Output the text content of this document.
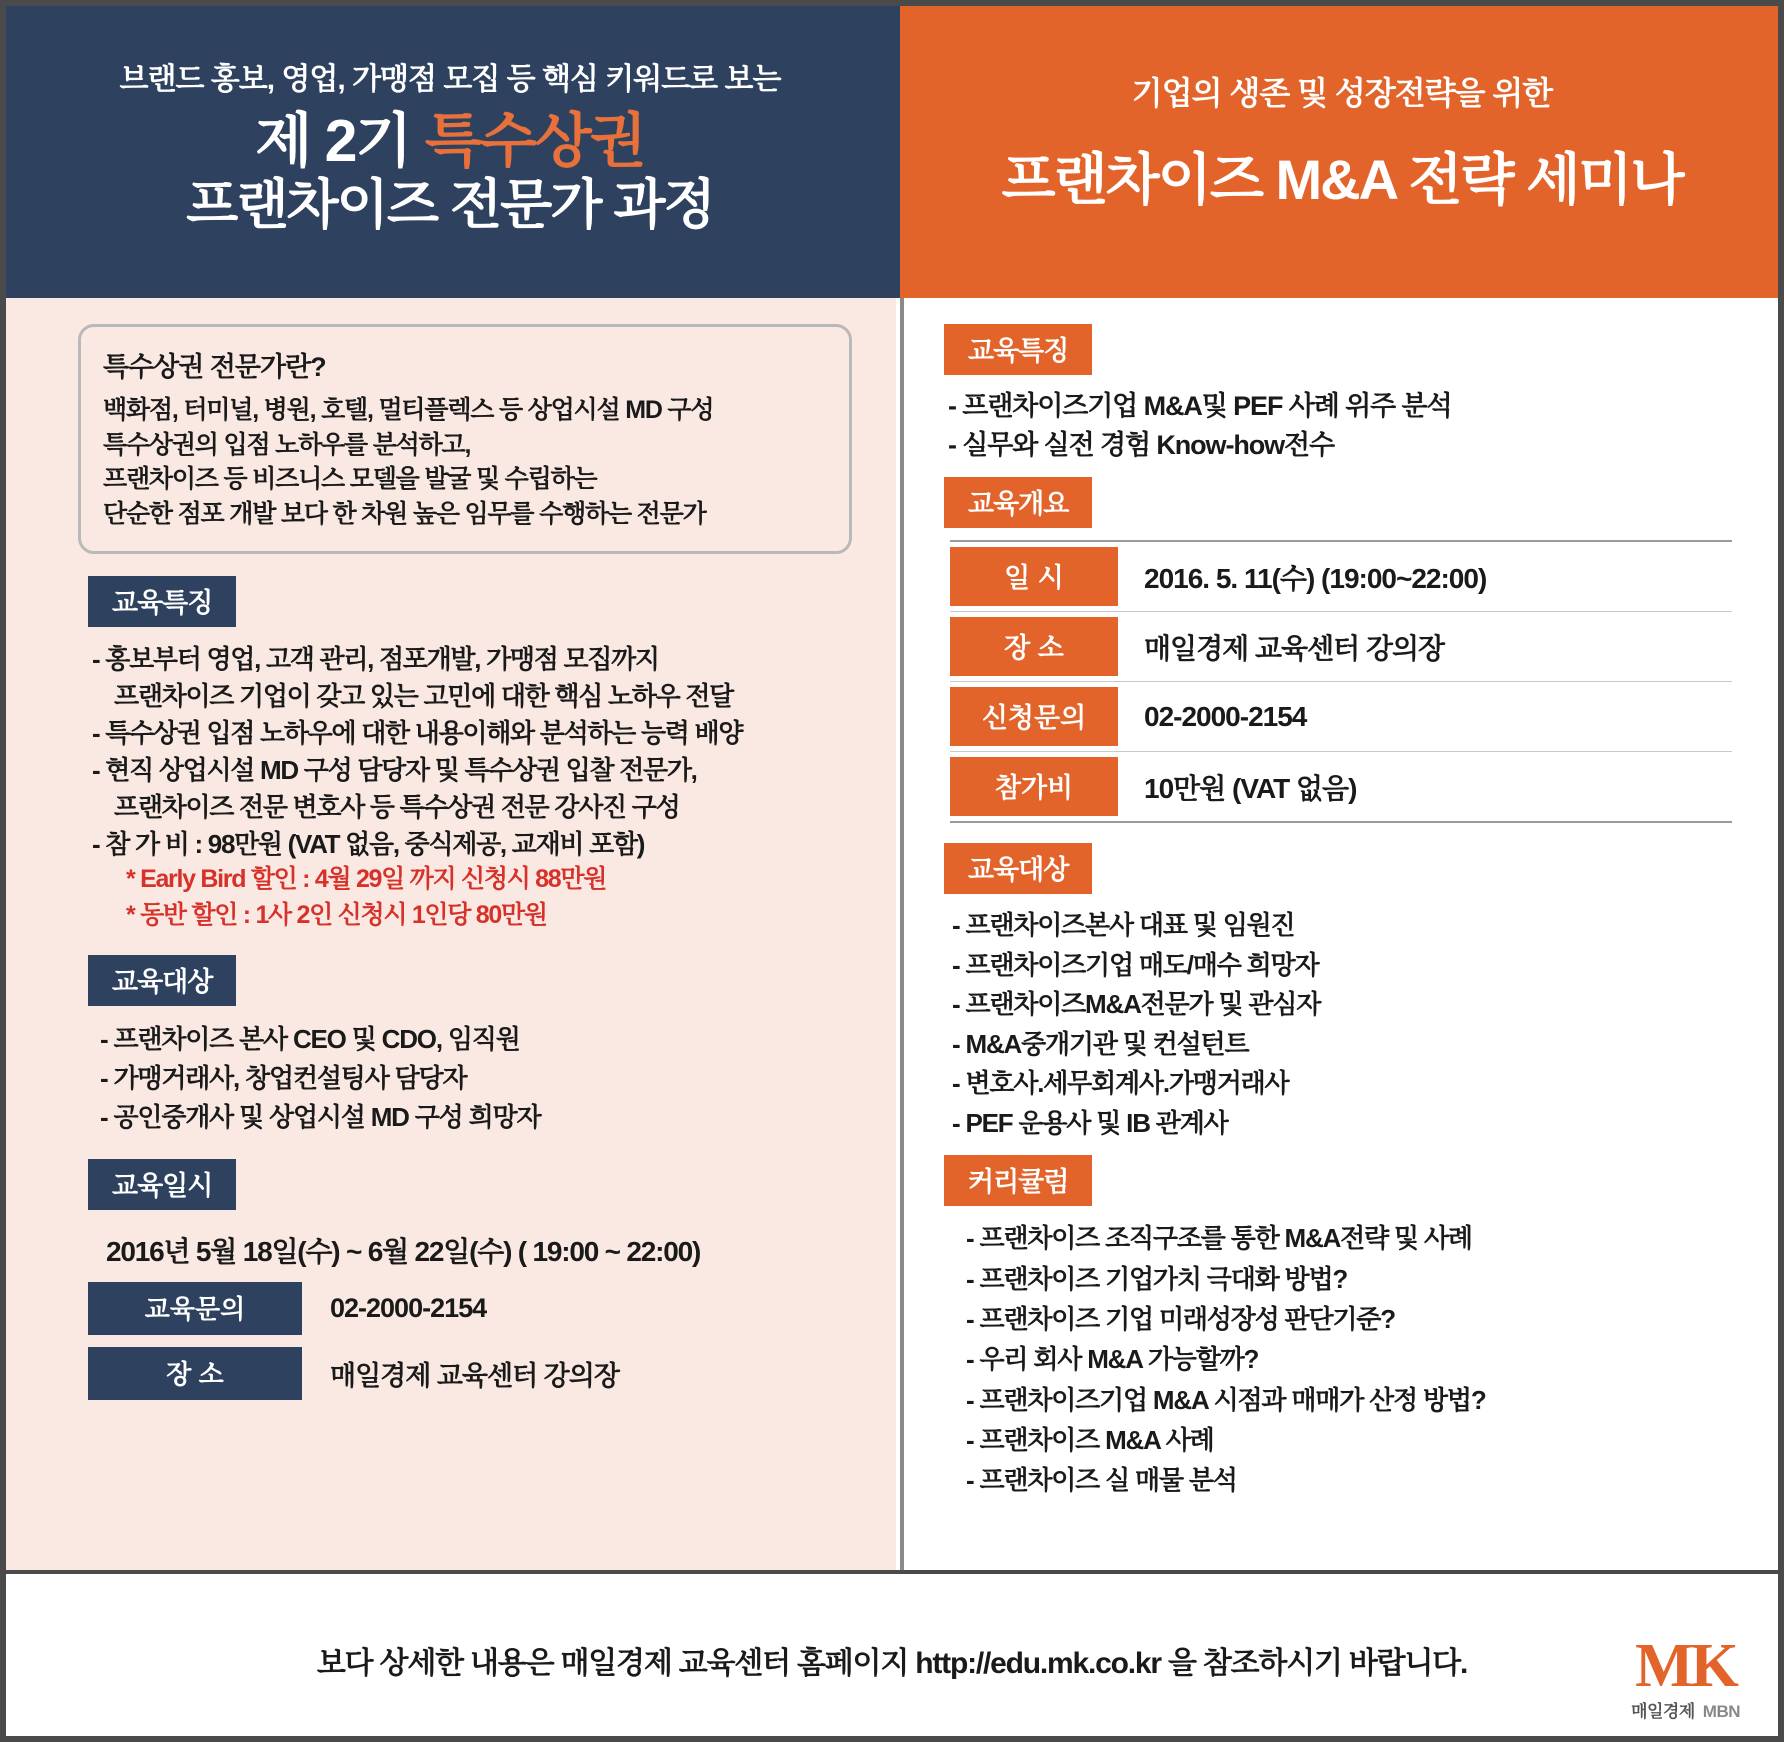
브랜드 홍보, 영업, 가맹점 모집 등 핵심 키워드로 보는
제 2기 특수상권
프랜차이즈 전문가 과정
기업의 생존 및 성장전략을 위한
프랜차이즈 M&A 전략 세미나
특수상권 전문가란?
백화점, 터미널, 병원, 호텔, 멀티플렉스 등 상업시설 MD 구성
특수상권의 입점 노하우를 분석하고,
프랜차이즈 등 비즈니스 모델을 발굴 및 수립하는
단순한 점포 개발 보다 한 차원 높은 임무를 수행하는 전문가
교육특징
- 홍보부터 영업, 고객 관리, 점포개발, 가맹점 모집까지
프랜차이즈 기업이 갖고 있는 고민에 대한 핵심 노하우 전달
- 특수상권 입점 노하우에 대한 내용이해와 분석하는 능력 배양
- 현직 상업시설 MD 구성 담당자 및 특수상권 입찰 전문가,
프랜차이즈 전문 변호사 등 특수상권 전문 강사진 구성
- 참 가 비 : 98만원 (VAT 없음, 중식제공, 교재비 포함)
* Early Bird 할인 : 4월 29일 까지 신청시 88만원
* 동반 할인 : 1사 2인 신청시 1인당 80만원
교육대상
- 프랜차이즈 본사 CEO 및 CDO, 임직원
- 가맹거래사, 창업컨설팅사 담당자
- 공인중개사 및 상업시설 MD 구성 희망자
교육일시
2016년 5월 18일(수) ~ 6월 22일(수) ( 19:00 ~ 22:00)
교육문의	02-2000-2154
장 소	매일경제 교육센터 강의장
교육특징
- 프랜차이즈기업 M&A및 PEF 사례 위주 분석
- 실무와 실전 경험 Know-how전수
교육개요
일 시	2016. 5. 11(수) (19:00~22:00)
장 소	매일경제 교육센터 강의장
신청문의	02-2000-2154
참가비	10만원 (VAT 없음)
교육대상
- 프랜차이즈본사 대표 및 임원진
- 프랜차이즈기업 매도/매수 희망자
- 프랜차이즈M&A전문가 및 관심자
- M&A중개기관 및 컨설턴트
- 변호사.세무회계사.가맹거래사
- PEF 운용사 및 IB 관계사
커리큘럼
- 프랜차이즈 조직구조를 통한 M&A전략 및 사례
- 프랜차이즈 기업가치 극대화 방법?
- 프랜차이즈 기업 미래성장성 판단기준?
- 우리 회사 M&A 가능할까?
- 프랜차이즈기업 M&A 시점과 매매가 산정 방법?
- 프랜차이즈 M&A 사례
- 프랜차이즈 실 매물 분석
보다 상세한 내용은 매일경제 교육센터 홈페이지 http://edu.mk.co.kr 을 참조하시기 바랍니다.	MK
매일경제 MBN
